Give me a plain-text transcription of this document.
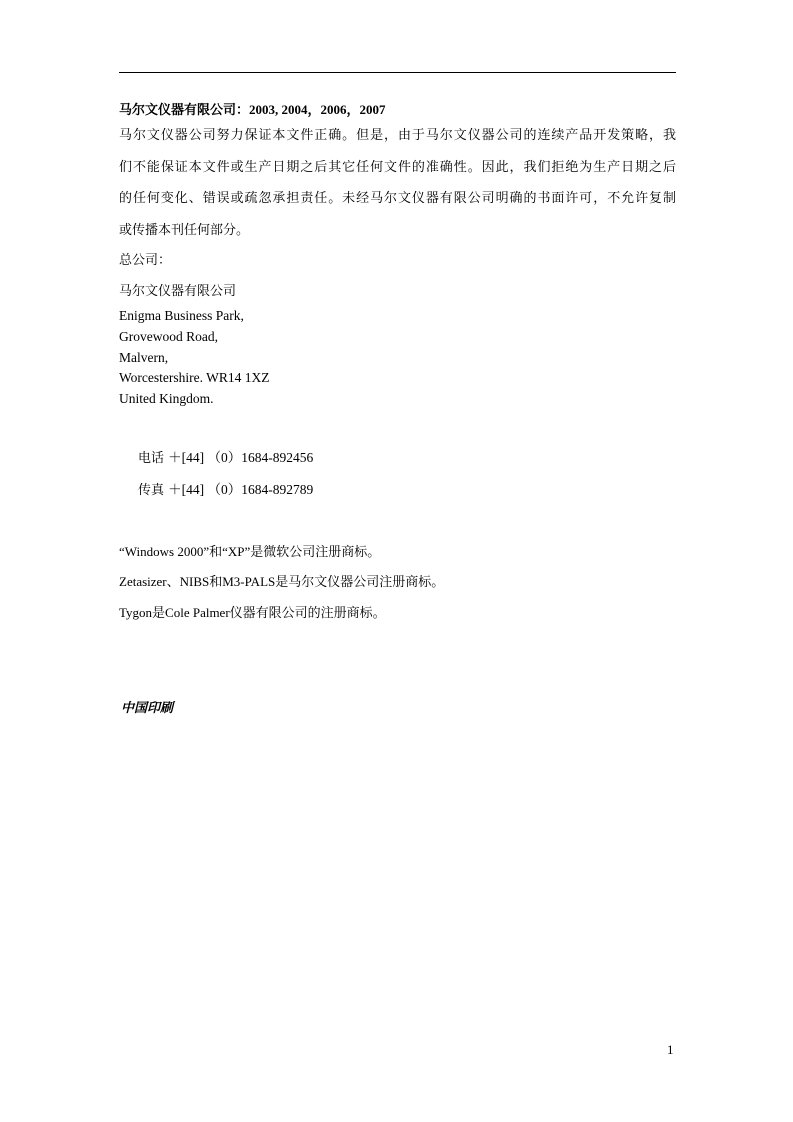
马尔文仪器有限公司：2003, 2004，2006，2007

马尔文仪器公司努力保证本文件正确。但是，由于马尔文仪器公司的连续产品开发策略，我
们不能保证本文件或生产日期之后其它任何文件的准确性。因此，我们拒绝为生产日期之后
的任何变化、错误或疏忽承担责任。未经马尔文仪器有限公司明确的书面许可，不允许复制
或传播本刊任何部分。

总公司：
马尔文仪器有限公司
Enigma Business Park,
Grovewood Road,
Malvern,
Worcestershire. WR14 1XZ
United Kingdom.
电话 ＋[44] （0）1684-892456
传真 ＋[44] （0）1684-892789
“Windows 2000”和“XP”是微软公司注册商标。
Zetasizer、NIBS和M3-PALS是马尔文仪器公司注册商标。
Tygon是Cole Palmer仪器有限公司的注册商标。
中国印刷
1
